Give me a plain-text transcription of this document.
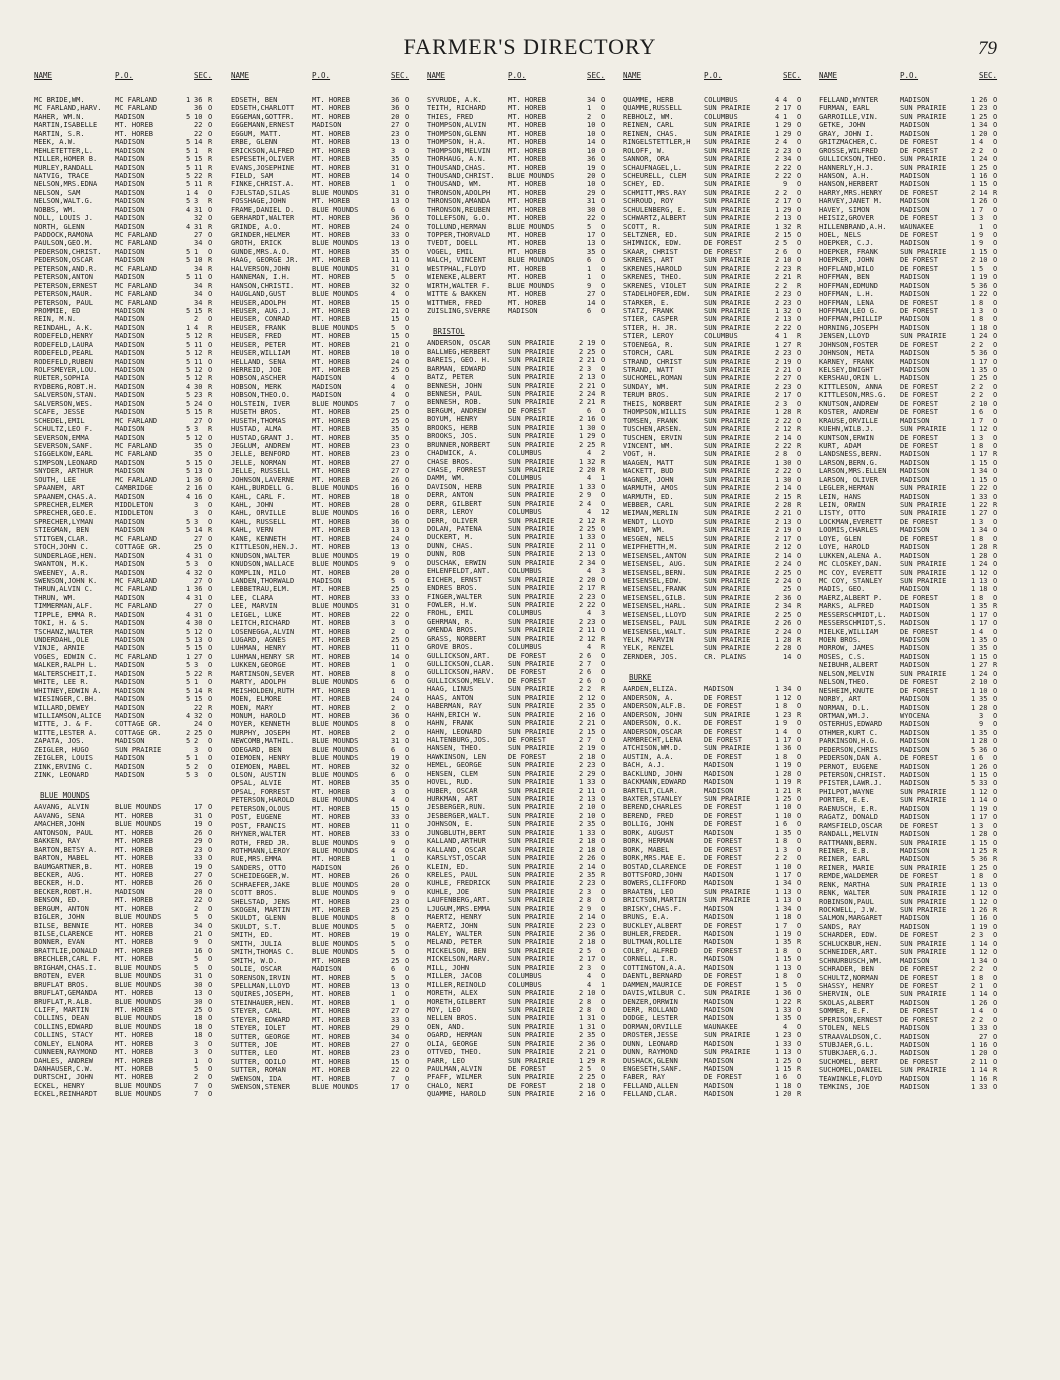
FARMER'S DIRECTORY	79
NAME	P.O.	SEC.
MC BRIDE,WM.	MC FARLAND	1 36 R
MC FARLAND,HARV.	MC FARLAND	36 O
MAHER, WM.N.	MADISON	5 10 O
MARTIN,ISABELLE	MT. HOREB	22 O
MARTIN, S.R.	MT. HOREB	22 O
MEEK, A.W.	MADISON	5 14 R
MEHLETETTER,L.	MADISON	5 1 R
MILLER,HOMER B.	MADISON	5 15 R
MURLEY,RANDALL	MADISON	5 11 R
NATVIG, TRACE	MADISON	5 22 R
NELSON,MRS.EDNA	MADISON	5 11 R
NELSON, SAM	MADISON	1 4 O
NELSON,WALT.G.	MADISON	5 3 R
NOBBS, WM.	MADISON	4 31 O
NOLL, LOUIS J.	MADISON	32 O
NORTH, GLENN	MADISON	4 31 R
PADDOCK,RAMONA	MC FARLAND	27 O
PAULSON,GEO.M.	MC FARLAND	34 O
PEDERSON,CHRIST.	MADISON	5 1 O
PEDERSON,OSCAR	MADISON	5 10 R
PETERSON,AND.R.	MC FARLAND	34 R
PETERSON,ANTON	MADISON	5 11 O
PETERSON,ERNEST	MC FARLAND	34 R
PETERSON,MAUR.	MC FARLAND	34 O
PETERSON, PAUL	MC FARLAND	34 R
PROMMIE, ED	MADISON	5 15 R
REIN, M.N.	MADISON	2 O
REINDAHL, A.K.	MADISON	1 4 R
RODEFELD,HENRY	MADISON	5 12 R
RODEFELD,LAURA	MADISON	5 11 O
RODEFELD,PEARL	MADISON	5 12 R
RODEFELD,RUBEN	MADISON	5 11 O
ROLFSMEYER,LOU.	MADISON	5 12 O
RUETER,SOPHIA	MADISON	5 12 R
RYDBERG,ROBT.H.	MADISON	4 30 R
SALVERSON,STAN.	MADISON	5 23 R
SALVERSON,WES.	MADISON	5 24 O
SCAFE, JESSE	MADISON	5 15 R
SCHEDEL,EMIL	MC FARLAND	27 O
SCHULTZ,LEO F.	MADISON	5 3 R
SEVERSON,EMMA	MADISON	5 12 O
SEVERSON,SANF.	MC FARLAND	35 O
SIGGELKOW,EARL	MC FARLAND	35 O
SIMPSON,LEONARD	MADISON	5 15 O
SNYDER, ARTHUR	MADISON	5 13 O
SOUTH, LEE	MC FARLAND	1 36 O
SPAANEM, ART	CAMBRIDGE	2 16 O
SPAANEM,CHAS.A.	MADISON	4 16 O
SPRECHER,ELMER	MIDDLETON	3 O
SPRECHER,GEO.E.	MIDDLETON	3 O
SPRECHER,LYMAN	MADISON	5 3 O
STIEGMAN, BEN	MADISON	5 14 R
STITGEN,CLAR.	MC FARLAND	27 O
STOCH,JOHN C.	COTTAGE GR.	25 O
SUNDERLAGE,HEN.	MADISON	4 31 O
SWANTON, M.K.	MADISON	5 3 O
SWEENEY, A.R.	MADISON	4 32 O
SWENSON,JOHN K.	MC FARLAND	27 O
THRUN,ALVIN C.	MC FARLAND	1 36 O
THRUN, WM.	MADISON	4 31 O
TIMMERMAN,ALF.	MC FARLAND	27 O
TIPPLE, EMMA R.	MADISON	4 31 O
TOKI, H. & S.	MADISON	4 30 O
TSCHANZ,WALTER	MADISON	5 12 O
UNDERDAHL,OLE	MADISON	5 13 O
VINJE, ARNIE	MADISON	5 15 O
VOGES, EDWIN C.	MC FARLAND	1 27 O
WALKER,RALPH L.	MADISON	5 3 O
WALTERSCHEIT,I.	MADISON	5 22 R
WHITE, LEE R.	MADISON	5 1 O
WHITNEY,EDWIN A.	MADISON	5 14 R
WIESINGER,C.BH.	MADISON	5 15 O
WILLARD,DEWEY	MADISON	22 R
WILLIAMSON,ALICE	MADISON	4 32 O
WITTE, J. & F.	COTTAGE GR.	24 O
WITTE,LESTER A.	COTTAGE GR.	2 25 O
ZAPATA, JOS.	MADISON	5 2 O
ZEIGLER, HUGO	SUN PRAIRIE	3 O
ZEIGLER, LOUIS	MADISON	5 1 O
ZINK,ERVING C.	MADISON	5 2 O
ZINK, LEONARD	MADISON	5 3 O
BLUE MOUNDS
AAVANG, ALVIN	BLUE MOUNDS	17 O
AAVANG, SENA	MT. HOREB	31 O
AMACHER,JOHN	BLUE MOUNDS	19 O
ANTONSON, PAUL	MT. HOREB	26 O
BAKKEN, RAY	MT. HOREB	29 O
BARTON,BETSY A.	MT. HOREB	23 O
BARTON, MABEL	MT. HOREB	33 O
BAUMGARTNER,B.	MT. HOREB	19 O
BECKER, AUG.	MT. HOREB	27 O
BECKER, H.D.	MT. HOREB	26 O
BECKER,ROBT.H.	MADISON	20 O
BENSON, ED.	MT. HOREB	22 O
BERGUM, ANTON	MT. HOREB	2 O
BIGLER, JOHN	BLUE MOUNDS	5 O
BILSE, BENNIE	MT. HOREB	34 O
BILSE,CLARENCE	MT. HOREB	21 O
BONNER, EVAN	MT. HOREB	9 O
BRATTLIE,DONALD	MT. HOREB	16 O
BRECHLER,CARL F.	MT. HOREB	5 O
BRIGHAM,CHAS.I.	BLUE MOUNDS	5 O
BROTEN, EVER	BLUE MOUNDS	31 O
BRUFLAT BROS.	BLUE MOUNDS	30 O
BRUFLAT,GEMANDA	MT. HOREB	13 O
BRUFLAT,R.ALB.	BLUE MOUNDS	30 O
CLIFF, MARTIN	MT. HOREB	25 O
COLLINS, DEAN	BLUE MOUNDS	18 O
COLLINS,EDWARD	BLUE MOUNDS	18 O
COLLINS, STACY	MT. HOREB	18 O
CONLEY, ELNORA	MT. HOREB	3 O
CUNNEEN,RAYMOND	MT. HOREB	3 O
DAHLES, ANDREW	MT. HOREB	1 O
DANHAUSER,C.W.	MT. HOREB	5 O
DURTSCHI, JOHN	MT. HOREB	2 O
ECKEL, HENRY	BLUE MOUNDS	7 O
ECKEL,REINHARDT	BLUE MOUNDS	7 O
NAME	P.O.	SEC.
EDSETH, BEN	MT. HOREB	36 O
EDSETH,CHARLOTT	MT. HOREB	36 O
EGGEMAN,GOTTFR.	MT. HOREB	20 O
EGGEMANN,ERNEST	MADISON	27 O
EGGUM, MATT.	MT. HOREB	23 O
ERBE, GLENN	MT. HOREB	13 O
ERICKSON,ALFRED	MT. HOREB	3 O
ESPESETH,OLIVER	MT. HOREB	35 O
EVANS,JOSEPHINE	MT. HOREB	31 O
FIELD, SAM	MT. HOREB	14 O
FINKE,CHRIST.A.	MT. HOREB	1 O
FJELSTAD,SILAS	BLUE MOUNDS	31 O
FOSSHAGE,JOHN	MT. HOREB	13 O
FRAME,DANIEL D.	BLUE MOUNDS	6 O
GERHARDT,WALTER	MT. HOREB	36 O
GRINDE, A.O.	MT. HOREB	24 O
GRINDER,HELMER	MT. HOREB	33 O
GROTH, ERICK	BLUE MOUNDS	13 O
GUNDE,MRS.A.O.	MT. HOREB	35 O
HAAG, GEORGE JR.	MT. HOREB	11 O
HALVERSON,JOHN	BLUE MOUNDS	31 O
HANNEMAN, I.H.	MT. HOREB	5 O
HANSON,CHRISTI.	MT. HOREB	32 O
HAUGLAND,GUST	BLUE MOUNDS	4 O
HEUSER,ADOLPH	MT. HOREB	15 O
HEUSER, AUG.J.	MT. HOREB	21 O
HEUSER, CONRAD	MT. HOREB	15 O
HEUSER, FRANK	BLUE MOUNDS	5 O
HEUSER, FRED	MT. HOREB	15 O
HEUSER, PETER	MT. HOREB	21 O
HEUSER,WILLIAM	MT. HOREB	10 O
HELLAND, SENA	MT. HOREB	24 O
HERREID, JOE	MT. HOREB	25 O
HOBSON,ASCHER	MADISON	4 O
HOBSON, MERK	MADISON	4 O
HOBSON,THEO.O.	MADISON	4 O
HOLSTEIN, IVER	BLUE MOUNDS	7 O
HUSETH BROS.	MT. HOREB	25 O
HUSETH,THOMAS	MT. HOREB	25 O
HUSTAD, ALMA	MT. HOREB	35 O
HUSTAD,GRANT J.	MT. HOREB	35 O
JEGLUM, ANDREW	MT. HOREB	23 O
JELLE, BENFORD	MT. HOREB	23 O
JELLE, NORMAN	MT. HOREB	27 O
JELLE, RUSSELL	MT. HOREB	27 O
JOHNSON,LAVERNE	MT. HOREB	26 O
KAHL,BURDELL G.	BLUE MOUNDS	16 O
KAHL, CARL F.	MT. HOREB	18 O
KAHL, JOHN	MT. HOREB	28 O
KAHL, ORVILLE	BLUE MOUNDS	16 O
KAHL, RUSSELL	MT. HOREB	36 O
KAHL, VERN	MT. HOREB	13 O
KANE, KENNETH	MT. HOREB	24 O
KITTLESON,HEN.J.	MT. HOREB	13 O
KNUDSON,WALTER	BLUE MOUNDS	19 O
KNUDSON,WALLACE	BLUE MOUNDS	9 O
KOMPLIN, MILO	MT. HOREB	20 O
LANDEN,THORWALD	MADISON	5 O
LEBBETRAU,ELM.	MT. HOREB	25 O
LEE, CLARA	MT. HOREB	33 O
LEE, MARVIN	BLUE MOUNDS	31 O
LEIGEL, LUKE	MT. HOREB	22 O
LEITCH,RICHARD	MT. HOREB	3 O
LOSENEGGA,ALVIN	MT. HOREB	2 O
LUGARD, AGNES	MT. HOREB	25 O
LUHMAN, HENRY	MT. HOREB	11 O
LUHMAN,HENRY SR	MT. HOREB	14 O
LUKKEN,GEORGE	MT. HOREB	1 O
MARTINSON,SEVER	MT. HOREB	8 O
MARTY, ADOLPH	BLUE MOUNDS	6 O
MEISHOLDEN,RUTH	MT. HOREB	1 O
MOEN, ELMORE	MT. HOREB	24 O
MOEN, MARY	MT. HOREB	2 O
MONUM, HAROLD	MT. HOREB	36 O
MOYER, KENNETH	BLUE MOUNDS	8 O
MURPHY, JOSEPH	MT. HOREB	2 O
NEWCOMB,MATHIL.	BLUE MOUNDS	31 O
ODEGARD, BEN	BLUE MOUNDS	6 O
OIEMOEN, HENRY	BLUE MOUNDS	19 O
OIEMOEN, MABEL	MT. HOREB	32 O
OLSON, AUSTIN	BLUE MOUNDS	6 O
OPSAL, ALVIE	MT. HOREB	35 O
OPSAL, FORREST	MT. HOREB	3 O
PETERSON,HAROLD	BLUE MOUNDS	4 O
PETERSON,OLOUS	MT. HOREB	15 O
POST, EUGENE	MT. HOREB	33 O
POST, FRANCIS	MT. HOREB	11 O
RHYNER,WALTER	MT. HOREB	33 O
ROTH, FRED JR.	BLUE MOUNDS	9 O
ROTHMANN,LEROY	BLUE MOUNDS	4 O
RUE,MRS.EMMA	MT. HOREB	1 O
SANDERS, OTTO	MADISON	26 O
SCHEIDEGGER,W.	MT. HOREB	26 O
SCHRAEFER,JAKE	BLUE MOUNDS	20 O
SCOTT BROS.	BLUE MOUNDS	9 O
SHELSTAD, JENS	MT. HOREB	23 O
SKOGEN, MARTIN	MT. HOREB	25 O
SKULDT, GLENN	BLUE MOUNDS	8 O
SKULDT, S.T.	BLUE MOUNDS	5 O
SMITH, ED.	MT. HOREB	19 O
SMITH, JULIA	BLUE MOUNDS	5 O
SMITH,THOMAS C.	BLUE MOUNDS	5 O
SMITH, W.D.	MT. HOREB	25 O
SOLIE, OSCAR	MADISON	6 O
SORENSON,IRVIN	MT. HOREB	5 O
SPELLMAN,LLOYD	MT. HOREB	13 O
SQUIRES,JOSEPH,	MT. HOREB	1 O
STEINHAUER,HEN.	MT. HOREB	1 O
STEYER, CARL	MT. HOREB	27 O
STEYER, EDWARD	MT. HOREB	33 O
STEYER, IOLET	MT. HOREB	29 O
SUTTER, GEORGE	MT. HOREB	34 O
SUTTER, JOE	MT. HOREB	27 O
SUTTER, LEO	MT. HOREB	23 O
SUTTER, ODILO	MT. HOREB	15 O
SUTTER, ROMAN	MT. HOREB	22 O
SWENSON, IDA	MT. HOREB	7 O
SWENSON,STENER	BLUE MOUNDS	17 O
NAME	P.O.	SEC.
SYVRUDE, A.K.	MT. HOREB	34 O
TEITH, RICHARD	MT. HOREB	1 O
THIES, FRED	MT. HOREB	2 O
THOMPSON,ALVIN	MT. HOREB	10 O
THOMPSON,GLENN	MT. HOREB	10 O
THOMPSON, H.A.	MT. HOREB	14 O
THOMPSON,MELVIN	MT. HOREB	10 O
THORHAUG, A.N.	MT. HOREB	36 O
THOUSAND,CHAS.	MT. HOREB	19 O
THOUSAND,CHRIST.	BLUE MOUNDS	20 O
THOUSAND, WM.	MT. HOREB	10 O
THRONSON,ADOLPH	MT. HOREB	29 O
THRONSON,AMANDA	MT. HOREB	31 O
THRONSON,REUBEN	MT. HOREB	30 O
TOLLEFSON, G.O.	MT. HOREB	22 O
TOLLUND,HERMAN	BLUE MOUNDS	5 O
TOPPER,THORVALD	MT. HOREB	17 O
TVEDT, DOELL	MT. HOREB	13 O
VOGEL, EMIL	MT. HOREB	35 O
WALCH, VINCENT	BLUE MOUNDS	6 O
WESTPHAL,FLOYD	MT. HOREB	1 O
WIENEKE,ALBERT	MT. HOREB	1 O
WIRTH,WALTER F.	BLUE MOUNDS	9 O
WITTE & BAKKEN	MT. HOREB	27 O
WITTWER, FRED	MT. HOREB	14 O
ZUISLING,SVERRE	MADISON	6 O
BRISTOL
ANDERSON, OSCAR	SUN PRAIRIE	2 19 O
BALLWEG,HERBERT	SUN PRAIRIE	2 25 O
BAREIS, GEO. H.	SUN PRAIRIE	2 21 O
BARMAN, EDWARD	SUN PRAIRIE	2 3 O
BATZ, PETER	SUN PRAIRIE	2 13 O
BENNESH, JOHN	SUN PRAIRIE	2 21 O
BENNESH, PAUL	SUN PRAIRIE	2 24 R
BENNESH, ROB.	SUN PRAIRIE	2 21 R
BERGUM, ANDREW	DE FOREST	6 O
BOYUM, HENRY	SUN PRAIRIE	2 16 O
BROOKS, HERB	SUN PRAIRIE	1 30 O
BROOKS, JOS.	SUN PRAIRIE	1 29 O
BRUNNER,NORBERT	SUN PRAIRIE	2 25 R
CHADWICK, A.	COLUMBUS	4 2
CHASE BROS.	SUN PRAIRIE	1 32 R
CHASE, FORREST	SUN PRAIRIE	2 20 R
DAMM, WM.	COLUMBUS	4 1
DAVISON, HERB	SUN PRAIRIE	1 33 O
DERR, ANTON	SUN PRAIRIE	2 9 O
DERR, GILBERT	SUN PRAIRIE	2 4 O
DERR, LEROY	COLUMBUS	4 12
DERR, OLIVER	SUN PRAIRIE	2 12 R
DOLAN, PATENA	SUN PRAIRIE	2 25 O
DUCKERT, M.	SUN PRAIRIE	1 33 O
DUNN, CHAS.	SUN PRAIRIE	2 11 O
DUNN, ROB	SUN PRAIRIE	2 13 O
DUSCHAK, ERWIN	SUN PRAIRIE	2 34 O
EHLENFELDT,ANT.	COLUMBUS	4 3
EICHER, ERNST	SUN PRAIRIE	2 20 O
ENDRES BROS.	SUN PRAIRIE	2 17 R
FINGER,WALTER	SUN PRAIRIE	2 23 O
FOWLER, H.W.	SUN PRAIRIE	2 22 O
FROHL, EMIL	COLUMBUS	4 3
GEHRMAN, R.	SUN PRAIRIE	2 23 O
GMENDA BROS.	SUN PRAIRIE	2 11 O
GRASS, NORBERT	SUN PRAIRIE	2 12 R
GROVE BROS.	COLUMBUS	4 R
GULLICKSON,ART.	DE FOREST	2 6 O
GULLICKSON,CLAR.	SUN PRAIRIE	2 7 O
GULLICKSON,HARV.	DE FOREST	2 6 O
GULLICKSON,MELV.	DE FOREST	2 6 O
HAAG, LINUS	SUN PRAIRIE	2 2 R
HAAS, ANTON	SUN PRAIRIE	2 12 O
HABERMAN, RAY	SUN PRAIRIE	2 35 O
HAHN,ERICH W.	SUN PRAIRIE	2 16 O
HAHN, FRANK	SUN PRAIRIE	2 21 O
HAHN, LEONARD	SUN PRAIRIE	2 15 O
HALTENBURG,JOS.	DE FOREST	2 7 O
HANSEN, THEO.	SUN PRAIRIE	2 19 O
HAWKINSON, LEN	DE FOREST	2 18 O
HEMEL, GEORGE	SUN PRAIRIE	2 23 O
HENSEN, CLEM	SUN PRAIRIE	2 29 O
HOVEL, RUD.	SUN PRAIRIE	1 33 O
HUBER, OSCAR	SUN PRAIRIE	2 11 O
HURKMAN, ART	SUN PRAIRIE	2 13 O
JESBERGER,RUN.	SUN PRAIRIE	2 10 O
JESBERGER,WALT.	SUN PRAIRIE	2 10 O
JOHNSON, E.	SUN PRAIRIE	2 35 O
JUNGBLUTH,BERT	SUN PRAIRIE	1 33 O
KALLAND,ARTHUR	SUN PRAIRIE	2 18 O
KALLAND, OSCAR	SUN PRAIRIE	2 18 O
KARSLYST,OSCAR	SUN PRAIRIE	2 26 O
KLEIN, ED.	SUN PRAIRIE	2 14 O
KRELES, PAUL	SUN PRAIRIE	2 35 R
KUHLE, FREDRICK	SUN PRAIRIE	2 23 O
KUHLE, JOE	SUN PRAIRIE	2 3 O
LAUFENBERG,ART.	SUN PRAIRIE	2 8 O
LJUGUM,MRS.EMMA	SUN PRAIRIE	2 9 O
MAERTZ, HENRY	SUN PRAIRIE	2 14 O
MAERTZ, JOHN	SUN PRAIRIE	2 23 O
MALEY, WALTER	SUN PRAIRIE	2 36 O
MELAND, PETER	SUN PRAIRIE	2 18 O
MICKELSON, BEN	SUN PRAIRIE	2 5 O
MICKELSON,MARV.	SUN PRAIRIE	2 17 O
MILL, JOHN	SUN PRAIRIE	2 3 O
MILLER, JACOB	COLUMBUS	4 O
MILLER,REINOLD	COLUMBUS	4 1
MORETH, ALEX	SUN PRAIRIE	2 10 O
MORETH,GILBERT	SUN PRAIRIE	2 8 O
MOY, LEO	SUN PRAIRIE	2 8 O
NELLEN BROS.	SUN PRAIRIE	1 31 O
OEN, AND.	SUN PRAIRIE	1 31 O
OGARD, HERMAN	SUN PRAIRIE	2 35 O
OLIA, GEORGE	SUN PRAIRIE	2 36 O
OTTVED, THEO.	SUN PRAIRIE	2 21 O
PARR, LEO	SUN PRAIRIE	1 29 R
PAULMAN,ALVIN	DE FOREST	2 5 O
PFAFF, WILMER	SUN PRAIRIE	2 25 O
CHALO, NERI	DE FOREST	2 18 O
QUAMME, HAROLD	SUN PRAIRIE	2 16 O
NAME	P.O.	SEC.
QUAMME, HERB	COLUMBUS	4 4 O
QUAMME,RUSSELL	SUN PRAIRIE	2 17 O
REBHOLZ, WM.	COLUMBUS	4 1 O
REINEN, CARL	SUN PRAIRIE	1 29 O
REINEN, CHAS.	SUN PRAIRIE	1 29 O
RINGELSTETTLER,H	SUN PRAIRIE	2 4 O
ROLOFF, W.	SUN PRAIRIE	2 23 O
SANNOR, ORA	SUN PRAIRIE	2 34 O
SCHAUFNAGEL,L.	SUN PRAIRIE	2 22 O
SCHEURELL, CLEM	SUN PRAIRIE	2 22 O
SCHEY, ED.	SUN PRAIRIE	9 O
SCHMITT,MRS.RAY	SUN PRAIRIE	2 2 O
SCHROUD, ROY	SUN PRAIRIE	2 17 O
SCHULENBERG, E.	SUN PRAIRIE	1 29 O
SCHWARTZ,ALBERT	SUN PRAIRIE	2 13 O
SCOTT, R.	SUN PRAIRIE	1 32 R
SELTZNER, ED.	SUN PRAIRIE	2 15 O
SHIMNICK, EDW.	DE FOREST	2 5 O
SKAAR, CHRIST	DE FOREST	2 6 O
SKRENES, ART	SUN PRAIRIE	2 10 O
SKRENES,HAROLD	SUN PRAIRIE	2 23 R
SKRENES, THEO.	SUN PRAIRIE	2 21 R
SKRENES, VIOLET	SUN PRAIRIE	2 2 R
STADELHOFER,EDW.	SUN PRAIRIE	2 23 O
STARKER, E.	SUN PRAIRIE	2 23 O
STATZ, FRANK	SUN PRAIRIE	1 32 O
STIER, CASPER	SUN PRAIRIE	2 13 O
STIER, H. JR.	SUN PRAIRIE	2 22 O
STIER, LEROY	COLUMBUS	4 1 R
STOENEGA, R.	SUN PRAIRIE	1 27 R
STORCH, CARL	SUN PRAIRIE	2 23 O
STRAND, CHRIST	SUN PRAIRIE	2 19 O
STRAND, WATT	SUN PRAIRIE	2 21 O
SUCHOMEL,ROMAN	SUN PRAIRIE	2 27 O
SUNDAY, WM.	SUN PRAIRIE	2 23 O
TERUM BROS.	SUN PRAIRIE	2 17 O
THEIS, NORBERT	SUN PRAIRIE	2 3 O
THOMPSON,WILLIS	SUN PRAIRIE	1 28 R
TOMSEN, FRANK	SUN PRAIRIE	2 22 O
TUSCHEN,ARSEN.	SUN PRAIRIE	2 12 R
TUSCHEN, ERVIN	SUN PRAIRIE	2 14 O
VINCENT, WM.	SUN PRAIRIE	2 22 R
VOGT, H.	SUN PRAIRIE	2 8 O
WAAGEN, MATT	SUN PRAIRIE	1 30 O
WACKETT, BUD	SUN PRAIRIE	2 22 O
WAGNER, JOHN	SUN PRAIRIE	1 30 O
WARMUTH, AMOS	SUN PRAIRIE	2 14 O
WARMUTH, ED.	SUN PRAIRIE	2 15 R
WEBBER, CARL	SUN PRAIRIE	2 28 R
WEIMAN,MERLIN	SUN PRAIRIE	2 21 O
WENDT, LLOYD	SUN PRAIRIE	2 13 O
WENDT, WM.	SUN PRAIRIE	2 19 O
WESGEN, NELS	SUN PRAIRIE	2 17 O
WEIPFHETTH,M.	SUN PRAIRIE	2 12 O
WEISENSEL,ANTON	SUN PRAIRIE	2 14 O
WEISENSEL, AUG.	SUN PRAIRIE	2 24 O
WEISENSEL,BERN.	SUN PRAIRIE	2 25 O
WEISENSEL,EDW.	SUN PRAIRIE	2 24 O
WEISENSEL,FRANK	SUN PRAIRIE	25 O
WEISENSEL,GILB.	SUN PRAIRIE	2 36 O
WEISENSEL,HARL.	SUN PRAIRIE	2 34 R
WEISENSEL,LLOYD	SUN PRAIRIE	2 25 O
WEISENSEL, PAUL	SUN PRAIRIE	2 26 O
WEISENSEL,WALT.	SUN PRAIRIE	2 24 O
YELK, MARVIN	SUN PRAIRIE	1 28 R
YELK, RENZEL	SUN PRAIRIE	2 28 O
ZERNDER, JOS.	CR. PLAINS	14 O
BURKE
AARDEN,ELIZA.	MADISON	1 34 O
ANDERSON, A.	DE FOREST	1 12 O
ANDERSON,ALF.B.	DE FOREST	1 8 O
ANDERSON, JOHN	SUN PRAIRIE	1 23 R
ANDERSON, O.K.	DE FOREST	1 9 O
ANDERSON,OSCAR	DE FOREST	1 4 O
ARMBRECHT,LENA	DE FOREST	1 17 O
ATCHISON,WM.D.	SUN PRAIRIE	1 36 O
AUSTIN, A.A.	DE FOREST	1 8 O
BACH, A.J.	MADISON	1 19 O
BACKLUND, JOHN	MADISON	1 28 O
BACKMANN,EDWARD	MADISON	1 19 R
BARTELT,CLAR.	MADISON	1 21 R
BAXTER,STANLEY	SUN PRAIRIE	1 25 O
BEREND,CHARLES	DE FOREST	1 10 O
BEREND, FRED	DE FOREST	1 10 O
BOLLIG, JOHN	DE FOREST	1 6 O
BORK, AUGUST	MADISON	1 35 O
BORK, HERMAN	DE FOREST	1 8 O
BORK, MABEL	DE FOREST	1 3 O
BORK,MRS.MAE E.	DE FOREST	2 2 O
BOSTAD,CLARENCE	DE FOREST	1 10 O
BOTTSFORD,JOHN	MADISON	1 17 O
BOWERS,CLIFFORD	MADISON	1 34 O
BRAATEN, LEO	SUN PRAIRIE	1 13 O
BRICTSON,MARTIN	SUN PRAIRIE	1 13 O
BRISKY,CHAS.F.	MADISON	1 34 O
BRUNS, E.A.	MADISON	1 18 O
BUCKLEY,ALBERT	DE FOREST	1 7 O
BUHLER,FREDER.	MADISON	1 19 O
BULTMAN,ROLLIE	MADISON	1 35 R
COLBY, ALFRED	DE FOREST	1 8 O
CORNELL, I.R.	MADISON	1 15 O
COTTINGTON,A.A.	MADISON	1 13 O
DAENTL,BERNARD	DE FOREST	1 8 O
DAMMEN,MAURICE	DE FOREST	1 5 O
DAVIS,WILBUR C.	SUN PRAIRIE	1 36 O
DENZER,ORRWIN	MADISON	1 22 R
DERR, ROLLAND	MADISON	1 33 O
DODGE, LESTER	MADISON	1 35 O
DORMAN,ORVILLE	WAUNAKEE	4 O
DROSTER,JESSE	SUN PRAIRIE	1 23 O
DUNN, LEONARD	MADISON	1 33 O
DUNN, RAYMOND	SUN PRAIRIE	1 13 O
DUSHACK,GLENN	MADISON	1 25 O
ENGESETH,SANF.	MADISON	1 15 R
FABER, RAY	DE FOREST	1 6 O
FELLAND,ALLEN	MADISON	1 18 O
FELLAND,CLAR.	MADISON	1 20 R
NAME	P.O.	SEC.
FELLAND,WYNTER	MADISON	1 26 O
FURMAN, EARL	SUN PRAIRIE	1 23 O
GARROILLE,VIN.	SUN PRAIRIE	1 25 O
GETKE, JOHN	MADISON	1 34 O
GRAY, JOHN I.	MADISON	1 20 O
GRITZMACHER,C.	DE FOREST	1 4 O
GROSSE,WILFRED	DE FOREST	2 2 O
GULLICKSON,THEO.	SUN PRAIRIE	1 24 O
HANNERLY,H.J.	SUN PRAIRIE	1 25 O
HANSON, A.H.	MADISON	1 16 O
HANSON,HERBERT	MADISON	1 15 O
HARRY,MRS.HENRY	DE FOREST	2 14 R
HARVEY,JANET M.	MADISON	1 26 O
HAVEY, SIMON	MADISON	1 7 O
HEISIZ,GROVER	DE FOREST	1 3 O
HILLENBRAND,A.H.	WAUNAKEE	1 O
HOEL, NELS	DE FOREST	1 9 O
HOEPKER, C.J.	MADISON	1 9 O
HOEPKER, FRANK	SUN PRAIRIE	1 15 O
HOEPKER, JOHN	DE FOREST	2 10 O
HOFFLAND,WILO	DE FOREST	1 5 O
HOFFMAN, BEN	MADISON	1 19 O
HOFFMAN,EDMUND	MADISON	5 36 O
HOFFMAN, L.H.	MADISON	1 22 O
HOFFMAN, LENA	DE FOREST	1 8 O
HOFFMAN,LEO G.	DE FOREST	1 3 O
HOFFMAN,PHILLIP	MADISON	1 8 O
HORNING,JOSEPH	MADISON	1 18 O
JENSEN,LLOYD	SUN PRAIRIE	1 24 O
JOHNSON,FOSTER	DE FOREST	2 2 O
JOHNSON, META	MADISON	5 36 O
KARNEY, FRANK	MADISON	1 17 O
KELSEY,DWIGHT	MADISON	1 35 O
KERSHAU,ORIN L.	MADISON	1 25 O
KITTLESON, ANNA	DE FOREST	2 2 O
KITTLESON,MRS.G.	DE FOREST	2 2 O
KNUTSON,ANDREW	DE FOREST	2 10 O
KOSTER, ANDREW	DE FOREST	1 6 O
KRAUSE,ORVILLE	MADISON	1 7 O
KUEHN,WILB.J.	SUN PRAIRIE	1 12 O
KUNTSON,ERWIN	DE FOREST	1 3 O
KURT, ADAM	DE FOREST	1 8 O
LANDSNESS,BERN.	MADISON	1 17 R
LARSON,BERN.G.	MADISON	1 15 O
LARSON,MRS.ELLEN	MADISON	1 34 O
LARSON, OLIVER	MADISON	1 15 O
LEGLER,HERMAN	SUN PRAIRIE	1 22 O
LEIN, HANS	MADISON	1 33 O
LEIN, ORWIN	SUN PRAIRIE	1 22 R
LISTY, OTTO	SUN PRAIRIE	1 27 O
LOCKMAN,EVERETT	DE FOREST	1 3 O
LOOMIS,CHARLES	MADISON	1 34 O
LOYE, GLEN	DE FOREST	1 8 O
LOYE, HAROLD	MADISON	1 28 R
LUKKEN,ALENA A.	MADISON	1 28 O
MC CLOSKEY,DAN.	SUN PRAIRIE	1 24 O
MC COY, EVERETT	SUN PRAIRIE	1 12 O
MC COY, STANLEY	SUN PRAIRIE	1 13 O
MADIS, GEO.	MADISON	1 18 O
MAERZ,ALBERT P.	DE FOREST	1 8 O
MARKS, ALFRED	MADISON	1 35 R
MESSERSCHMIDT,L.	MADISON	1 17 O
MESSERSCHMIDT,S.	MADISON	1 17 O
MIELKE,WILLIAM	DE FOREST	1 4 O
MOEN BROS.	MADISON	1 35 O
MORROW, JAMES	MADISON	1 35 O
MOSES, C.S.	MADISON	1 15 O
NEIBUHR,ALBERT	MADISON	1 27 R
NELSON,MELVIN	SUN PRAIRIE	1 24 O
NELSON,THEO.	DE FOREST	2 10 O
NESHEIM,KNUTE	DE FOREST	1 10 O
NORBY, ART	MADISON	1 35 O
NORMAN, D.L.	MADISON	1 28 O
ORTMAN,WM.J.	WYOCENA	3 O
OSTERHUS,EDWARD	MADISON	9 O
OTHMER,KURT C.	MADISON	1 35 O
PARKINSON,H.G.	MADISON	1 28 O
PEDERSON,CHRIS	MADISON	5 36 O
PEDERSON,DAN A.	DE FOREST	1 6 O
PERNOT, EUGENE	MADISON	1 26 O
PETERSON,CHRIST.	MADISON	1 15 O
PFISTER,LAWR.J.	MADISON	5 33 O
PHILPOT,WAYNE	SUN PRAIRIE	1 12 O
PORTER, E.E.	SUN PRAIRIE	1 14 O
RAENUSCH, E.R.	MADISON	1 19 O
RAGATZ, DONALD	MADISON	1 17 O
RAMSFIELD,OSCAR	DE FOREST	1 3 O
RANDALL,MELVIN	MADISON	1 28 O
RATTMANN,BERN.	SUN PRAIRIE	1 15 O
REINER, E.B.	MADISON	1 25 R
REINER, EARL	MADISON	5 36 R
REINER, MARIE	SUN PRAIRIE	1 25 O
REMDE,WALDEMER	DE FOREST	1 8 O
RENK, MARTHA	SUN PRAIRIE	1 13 O
RENK, WALTER	SUN PRAIRIE	1 12 O
ROBINSON,PAUL	SUN PRAIRIE	1 12 O
ROCKWELL, J.W.	SUN PRAIRIE	1 26 R
SALMON,MARGARET	MADISON	1 16 O
SANDS, RAY	MADISON	1 19 O
SCHARDER, EDW.	DE FOREST	2 3 O
SCHLUCKBUR,HEN.	SUN PRAIRIE	1 14 O
SCHNEIDER,ART.	SUN PRAIRIE	1 12 O
SCHNURBUSCH,WM.	MADISON	1 34 O
SCHRADER, BEN	DE FOREST	2 2 O
SCHULTZ,NORMAN	DE FOREST	1 8 O
SHASSY, HENRY	DE FOREST	2 1 O
SHERVIN, OLE	SUN PRAIRIE	1 14 O
SKOLAS,ALBERT	MADISON	1 26 O
SOMMER, E.F.	DE FOREST	1 4 O
SPERISON,ERNEST	DE FOREST	2 2 O
STOLEN, NELS	MADISON	1 33 O
STRAAVALDSON,C.	MADISON	27 O
STUBJAER,G.L.	MADISON	1 16 O
STUBKJAER,G.J.	MADISON	1 20 O
SUCHOMEL, BERT	DE FOREST	2 11 O
SUCHOMEL,DANIEL	SUN PRAIRIE	1 14 R
TEAWINKLE,FLOYD	MADISON	1 16 R
TEMKINS, JOE	MADISON	1 33 O
